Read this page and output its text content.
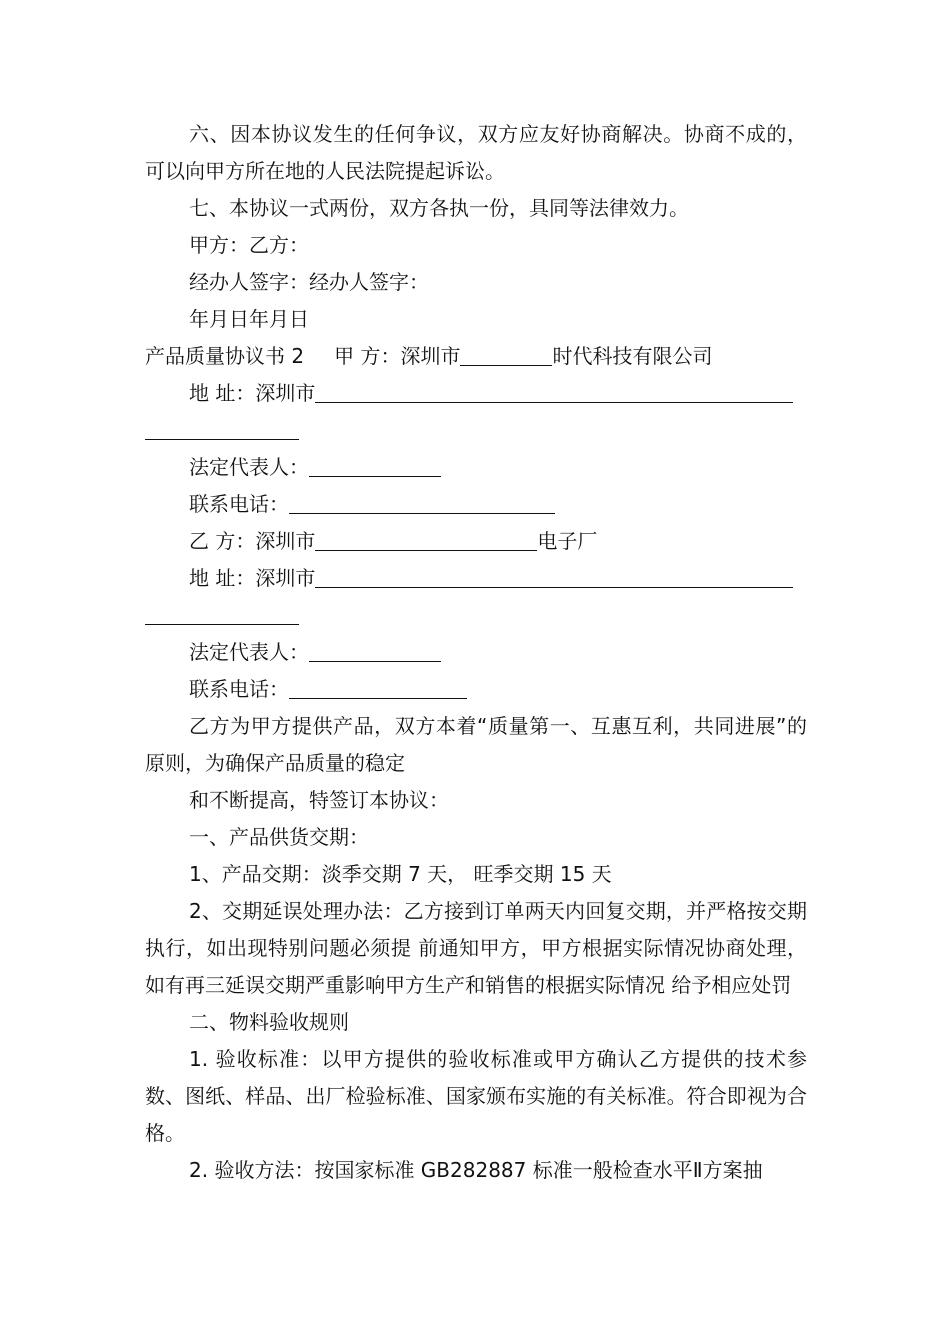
六、因本协议发生的任何争议，双方应友好协商解决。协商不成的，可以向甲方所在地的人民法院提起诉讼。

七、本协议一式两份，双方各执一份，具同等法律效力。

甲方：乙方：

经办人签字：经办人签字：

年月日年月日

产品质量协议书 2 甲 方：深圳市	时代科技有限公司

地 址：深圳市

法定代表人：

联系电话：

乙 方：深圳市	电子厂

地 址：深圳市

法定代表人：

联系电话：

乙方为甲方提供产品，双方本着“质量第一、互惠互利，共同进展”的原则，为确保产品质量的稳定

和不断提高，特签订本协议：

一、产品供货交期：

1、产品交期：淡季交期 7 天， 旺季交期 15 天

2、交期延误处理办法：乙方接到订单两天内回复交期，并严格按交期执行，如出现特别问题必须提 前通知甲方，甲方根据实际情况协商处理，如有再三延误交期严重影响甲方生产和销售的根据实际情况 给予相应处罚

二、物料验收规则

1. 验收标准：以甲方提供的验收标准或甲方确认乙方提供的技术参数、图纸、样品、出厂检验标准、国家颁布实施的有关标准。符合即视为合格。

2. 验收方法：按国家标准 GB282887 标准一般检查水平Ⅱ方案抽
